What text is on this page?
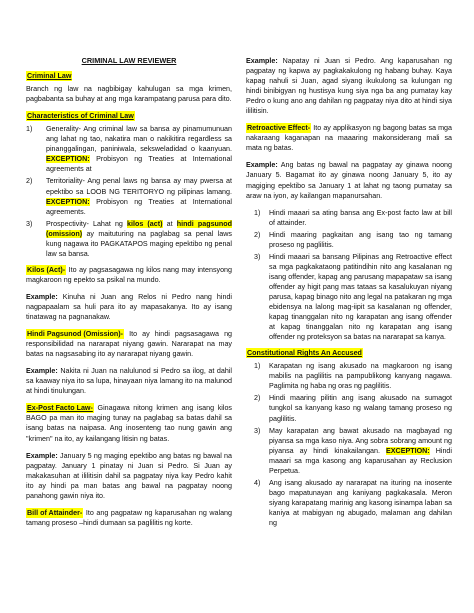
CRIMINAL LAW REVIEWER
Criminal Law

Branch ng law na nagbibigay kahulugan sa mga krimen, pagbabanta sa buhay at ang mga karampatang parusa para dito.

Characteristics of Criminal Law
1) Generality- Ang criminal law sa bansa ay pinamumunuan ang lahat ng tao, nakatira man o nakikitira regardless sa pinanggalingan, paniniwala, seksweladidad o kaanyuan. EXCEPTION: Probisyon ng Treaties at International agreements at
2) Territoriality- Ang penal laws ng bansa ay may pwersa at epektibo sa LOOB NG TERITORYO ng pilipinas lamang. EXCEPTION: Probisyon ng Treaties at International agreements.
3) Prospectivity- Lahat ng kilos (act) at hindi pagsunod (omission) ay maituturing na paglabag sa penal laws kung nagawa ito PAGKATAPOS maging epektibo ng penal law sa bansa.

Kilos (Act)- Ito ay pagsasagawa ng kilos nang may intensyong magkaroon ng epekto sa psikal na mundo.

Example: Kinuha ni Juan ang Relos ni Pedro nang hindi nagpapaalam sa huli para ito ay mapasakanya. Ito ay isang tinatawag na pagnanakaw.

Hindi Pagsunod (Omission)- Ito ay hindi pagsasagawa ng responsibilidad na nararapat niyang gawin. Nararapat na may batas na nagsasabing ito ay nararapat niyang gawin.

Example: Nakita ni Juan na nalulunod si Pedro sa ilog, at dahil sa kaaway niya ito sa lupa, hinayaan niya lamang ito na malunod at hindi tinulungan.

Ex-Post Facto Law- Ginagawa nitong krimen ang isang kilos BAGO pa man ito maging tunay na paglabag sa batas dahil sa isang batas na naipasa. Ang inosenteng tao nung gawin ang "krimen" na ito, ay kailangang litisin ng batas.

Example: January 5 ng maging epektibo ang batas ng bawal na pagpatay. January 1 pinatay ni Juan si Pedro. Si Juan ay makakasuhan at ililitisin dahil sa pagpatay niya kay Pedro kahit ito ay hindi pa man batas ang bawal na pagpatay noong panahong gawin niya ito.

Bill of Attainder- Ito ang pagpataw ng kaparusahan ng walang tamang proseso –hindi dumaan sa paglilitis ng korte.

Example: Napatay ni Juan si Pedro. Ang kaparusahan ng pagpatay ng kapwa ay pagkakakulong ng habang buhay. Kaya kapag nahuli si Juan, agad siyang ikukulong sa kulungan ng hindi binibigyan ng hustisya kung siya nga ba ang pumatay kay Pedro o kung ano ang dahilan ng pagpatay niya dito at hindi siya ililitisin.

Retroactive Effect- Ito ay applikasyon ng bagong batas sa mga nakaraang kaganapan na maaaring makonsiderang mali sa mata ng batas.

Example: Ang batas ng bawal na pagpatay ay ginawa noong January 5. Bagamat ito ay ginawa noong January 5, ito ay magiging epektibo sa January 1 at lahat ng taong pumatay sa araw na iyon, ay kailangan mapanursahan.

1) Hindi maaari sa ating bansa ang Ex-post facto law at bill of attainder.
2) Hindi maaring pagkaitan ang isang tao ng tamang proseso ng paglilitis.
3) Hindi maaari sa bansang Pilipinas ang Retroactive effect sa mga pagkakataong patitindihin nito ang kasalanan ng isang offender, kapag ang parusang mapapataw sa isang offender ay higit pang mas tataas sa kasalukuyan niyang parusa, kapag binago nito ang legal na patakaran ng mga ebidensya na lalong mag-iipit sa kasalanan ng offender, kapag tinanggalan nito ng karapatan ang isang offender at kapag tinanggalan nito ng karapatan ang isang offender ng proteksyon sa batas na nararapat sa kanya.
Constitutional Rights An Accused
1) Karapatan ng isang akusado na magkaroon ng isang mabilis na paglilitis na pampublikong kanyang nagawa. Paglimita ng haba ng oras ng paglilitis.
2) Hindi maaring pilitin ang isang akusado na sumagot tungkol sa kanyang kaso ng walang tamang proseso ng paglilitis.
3) May karapatan ang bawat akusado na magbayad ng piyansa sa mga kaso niya. Ang sobra sobrang amount ng piyansa ay hindi kinakailangan. EXCEPTION: Hindi maaari sa mga kasong ang kaparusahan ay Reclusion Perpetua.
4) Ang isang akusado ay nararapat na ituring na inosente bago mapatunayan ang kaniyang pagkakasala. Meron siyang karapatang marinig ang kasong isinampa laban sa kaniya at mabigyan ng abugado, malaman ang dahilan ng
